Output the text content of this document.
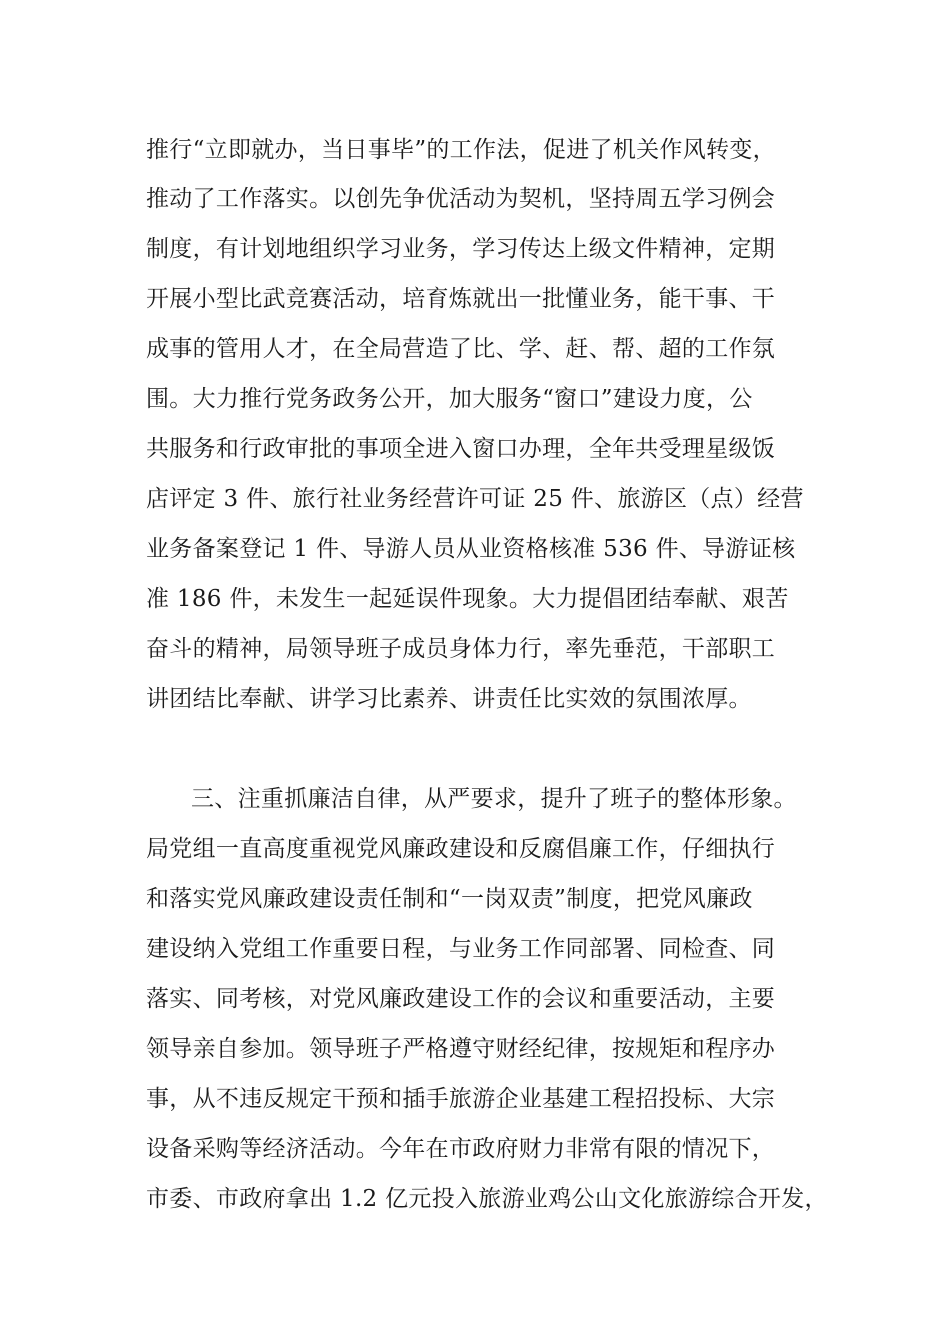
推行“立即就办，当日事毕”的工作法，促进了机关作风转变，
推动了工作落实。以创先争优活动为契机，坚持周五学习例会
制度，有计划地组织学习业务，学习传达上级文件精神，定期
开展小型比武竞赛活动，培育炼就出一批懂业务，能干事、干
成事的管用人才，在全局营造了比、学、赶、帮、超的工作氛
围。大力推行党务政务公开，加大服务“窗口”建设力度，公
共服务和行政审批的事项全进入窗口办理，全年共受理星级饭
店评定 3 件、旅行社业务经营许可证 25 件、旅游区（点）经营
业务备案登记 1 件、导游人员从业资格核准 536 件、导游证核
准 186 件，未发生一起延误件现象。大力提倡团结奉献、艰苦
奋斗的精神，局领导班子成员身体力行，率先垂范，干部职工
讲团结比奉献、讲学习比素养、讲责任比实效的氛围浓厚。
三、注重抓廉洁自律，从严要求，提升了班子的整体形象。
局党组一直高度重视党风廉政建设和反腐倡廉工作，仔细执行
和落实党风廉政建设责任制和“一岗双责”制度，把党风廉政
建设纳入党组工作重要日程，与业务工作同部署、同检查、同
落实、同考核，对党风廉政建设工作的会议和重要活动，主要
领导亲自参加。领导班子严格遵守财经纪律，按规矩和程序办
事，从不违反规定干预和插手旅游企业基建工程招投标、大宗
设备采购等经济活动。今年在市政府财力非常有限的情况下，
市委、市政府拿出 1.2 亿元投入旅游业鸡公山文化旅游综合开发，
